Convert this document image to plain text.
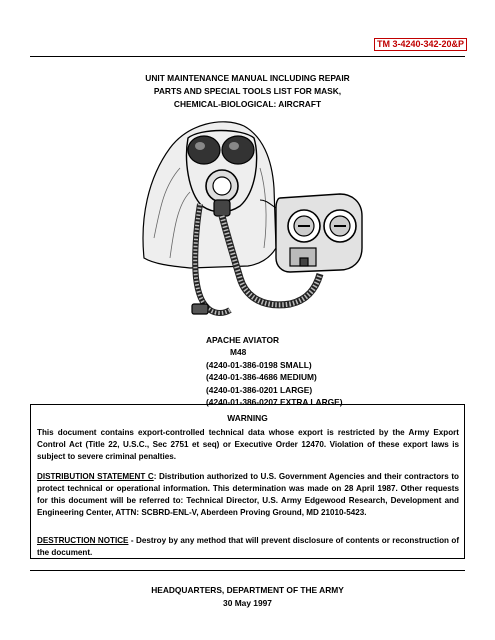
TM 3-4240-342-20&P
UNIT MAINTENANCE MANUAL INCLUDING REPAIR
PARTS AND SPECIAL TOOLS LIST FOR MASK,
CHEMICAL-BIOLOGICAL: AIRCRAFT
APACHE AVIATOR
M48
(4240-01-386-0198 SMALL)
(4240-01-386-4686 MEDIUM)
(4240-01-386-0201 LARGE)
(4240-01-386-0207 EXTRA LARGE)
WARNING
This document contains export-controlled technical data whose export is restricted by the Army Export Control Act (Title 22, U.S.C., Sec 2751 et seq) or Executive Order 12470. Violation of these export laws is subject to severe criminal penalties.
DISTRIBUTION STATEMENT C: Distribution authorized to U.S. Government Agencies and their contractors to protect technical or operational information. This determination was made on 28 April 1987. Other requests for this document will be referred to: Technical Director, U.S. Army Edgewood Research, Development and Engineering Center, ATTN: SCBRD-ENL-V, Aberdeen Proving Ground, MD 21010-5423.
DESTRUCTION NOTICE - Destroy by any method that will prevent disclosure of contents or reconstruction of the document.
HEADQUARTERS, DEPARTMENT OF THE ARMY
30 May 1997
